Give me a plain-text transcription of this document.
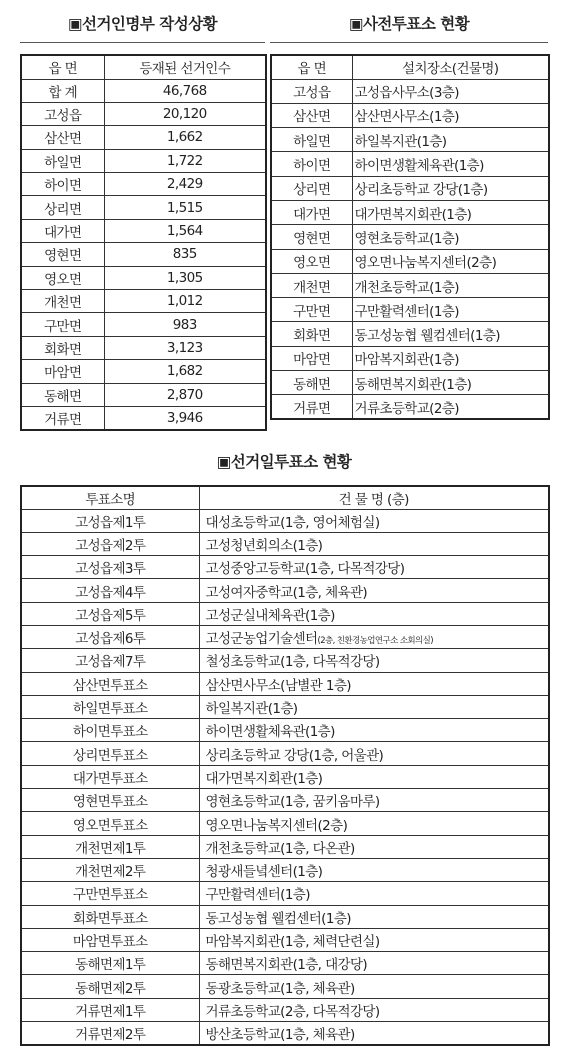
▣선거인명부 작성상황
읍 면	등재된 선거인수
합 계	46,768
고성읍	20,120
삼산면	1,662
하일면	1,722
하이면	2,429
상리면	1,515
대가면	1,564
영현면	835
영오면	1,305
개천면	1,012
구만면	983
회화면	3,123
마암면	1,682
동해면	2,870
거류면	3,946
▣사전투표소 현황
읍 면	설치장소(건물명)
고성읍	고성읍사무소(3층)
삼산면	삼산면사무소(1층)
하일면	하일복지관(1층)
하이면	하이면생활체육관(1층)
상리면	상리초등학교 강당(1층)
대가면	대가면복지회관(1층)
영현면	영현초등학교(1층)
영오면	영오면나눔복지센터(2층)
개천면	개천초등학교(1층)
구만면	구만활력센터(1층)
회화면	동고성농협 웰컴센터(1층)
마암면	마암복지회관(1층)
동해면	동해면복지회관(1층)
거류면	거류초등학교(2층)
▣선거일투표소 현황
투표소명	건 물 명 (층)
고성읍제1투	대성초등학교(1층, 영어체험실)
고성읍제2투	고성청년회의소(1층)
고성읍제3투	고성중앙고등학교(1층, 다목적강당)
고성읍제4투	고성여자중학교(1층, 체육관)
고성읍제5투	고성군실내체육관(1층)
고성읍제6투	고성군농업기술센터(2층, 친환경농업연구소 소회의실)
고성읍제7투	철성초등학교(1층, 다목적강당)
삼산면투표소	삼산면사무소(남별관 1층)
하일면투표소	하일복지관(1층)
하이면투표소	하이면생활체육관(1층)
상리면투표소	상리초등학교 강당(1층, 어울관)
대가면투표소	대가면복지회관(1층)
영현면투표소	영현초등학교(1층, 꿈키움마루)
영오면투표소	영오면나눔복지센터(2층)
개천면제1투	개천초등학교(1층, 다온관)
개천면제2투	청광새들녘센터(1층)
구만면투표소	구만활력센터(1층)
회화면투표소	동고성농협 웰컴센터(1층)
마암면투표소	마암복지회관(1층, 체력단련실)
동해면제1투	동해면복지회관(1층, 대강당)
동해면제2투	동광초등학교(1층, 체육관)
거류면제1투	거류초등학교(2층, 다목적강당)
거류면제2투	방산초등학교(1층, 체육관)
